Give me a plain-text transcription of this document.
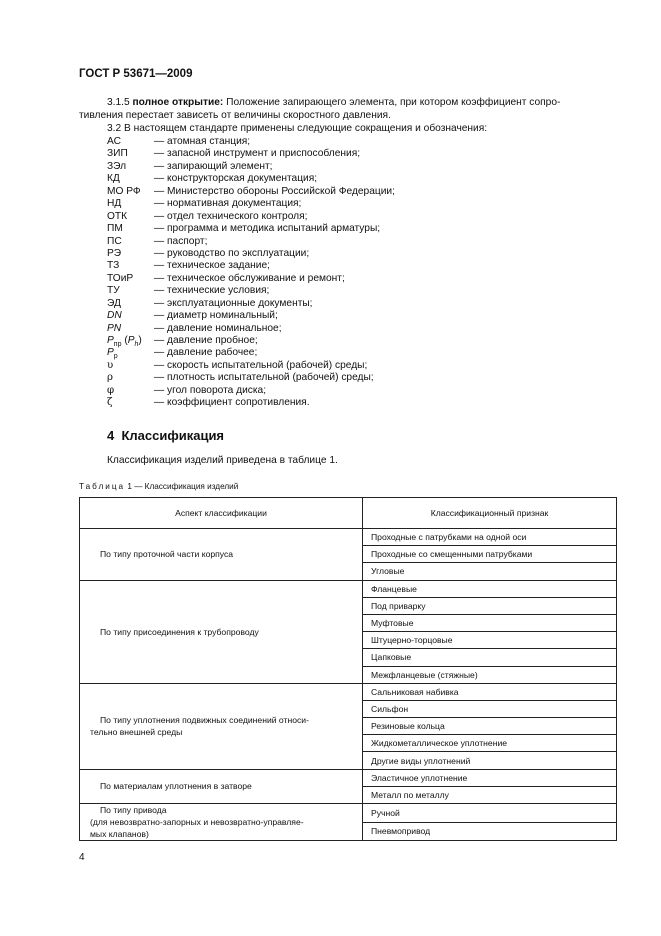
ГОСТ Р 53671—2009
3.1.5 полное открытие: Положение запирающего элемента, при котором коэффициент сопро-
тивления перестает зависеть от величины скоростного давления.
3.2 В настоящем стандарте применены следующие сокращения и обозначения:
АС	— атомная станция;
ЗИП	— запасной инструмент и приспособления;
ЗЭл	— запирающий элемент;
КД	— конструкторская документация;
МО РФ — Министерство обороны Российской Федерации;
НД	— нормативная документация;
ОТК	— отдел технического контроля;
ПМ	— программа и методика испытаний арматуры;
ПС	— паспорт;
РЭ	— руководство по эксплуатации;
ТЗ	— техническое задание;
ТОиР — техническое обслуживание и ремонт;
ТУ	— технические условия;
ЭД	— эксплуатационные документы;
DN	— диаметр номинальный;
PN	— давление номинальное;
$P_{пр}$ $(P_h)$ — давление пробное;
$P_р$	— давление рабочее;
υ	— скорость испытательной (рабочей) среды;
ρ	— плотность испытательной (рабочей) среды;
φ	— угол поворота диска;
ζ	— коэффициент сопротивления.
4 Классификация
Классификация изделий приведена в таблице 1.
Таблица 1 — Классификация изделий
Аспект классификации	Классификационный признак

По типу проточной части корпуса	Проходные с патрубками на одной оси
	Проходные со смещенными патрубками
	Угловые

По типу присоединения к трубопроводу	Фланцевые
	Под приварку
	Муфтовые
	Штуцерно-торцовые
	Цапковые
	Межфланцевые (стяжные)

По типу уплотнения подвижных соединений относи-
тельно внешней среды	Сальниковая набивка
	Сильфон
	Резиновые кольца
	Жидкометаллическое уплотнение
	Другие виды уплотнений

По материалам уплотнения в затворе	Эластичное уплотнение
	Металл по металлу

По типу привода
(для невозвратно-запорных и невозвратно-управляе-
мых клапанов)	Ручной
	Пневмопривод
4
